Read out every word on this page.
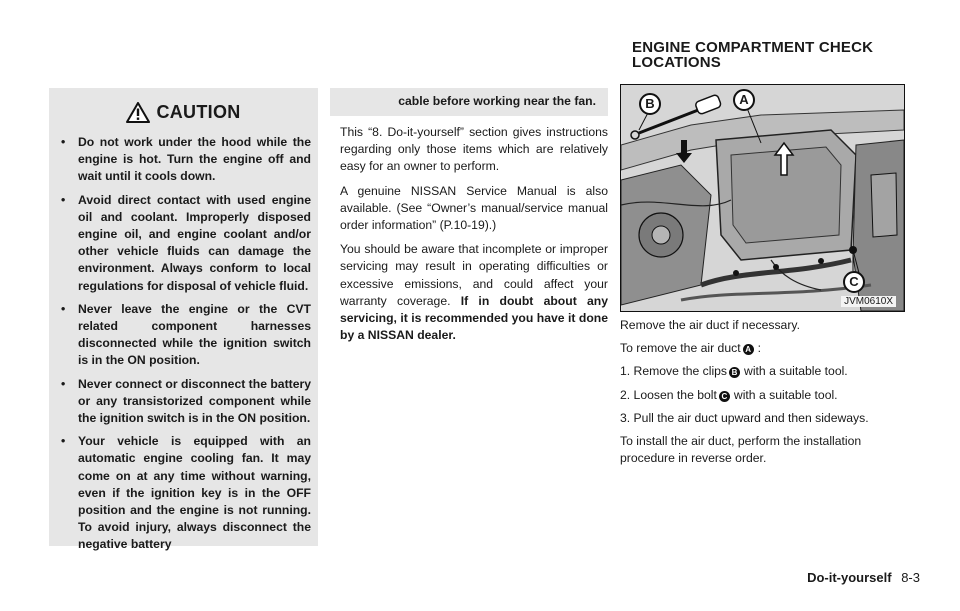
CAUTION
• Do not work under the hood while the engine is hot. Turn the engine off and wait until it cools down.
• Avoid direct contact with used engine oil and coolant. Improperly disposed engine oil, and engine coolant and/or other vehicle fluids can damage the environment. Always conform to local regulations for disposal of vehicle fluid.
• Never leave the engine or the CVT related component harnesses disconnected while the ignition switch is in the ON position.
• Never connect or disconnect the battery or any transistorized component while the ignition switch is in the ON position.
• Your vehicle is equipped with an automatic engine cooling fan. It may come on at any time without warning, even if the ignition key is in the OFF position and the engine is not running. To avoid injury, always disconnect the negative battery
cable before working near the fan.

This “8. Do-it-yourself” section gives instructions regarding only those items which are relatively easy for an owner to perform.

A genuine NISSAN Service Manual is also available. (See “Owner’s manual/service manual order information” (P.10-19).)

You should be aware that incomplete or improper servicing may result in operating difficulties or excessive emissions, and could affect your warranty coverage. If in doubt about any servicing, it is recommended you have it done by a NISSAN dealer.

ENGINE COMPARTMENT CHECK
LOCATIONS
B	A
C
JVM0610X

Remove the air duct if necessary.

To remove the air duct A :

1. Remove the clips B with a suitable tool.

2. Loosen the bolt C with a suitable tool.

3. Pull the air duct upward and then sideways.

To install the air duct, perform the installation procedure in reverse order.

Do-it-yourself 8-3
